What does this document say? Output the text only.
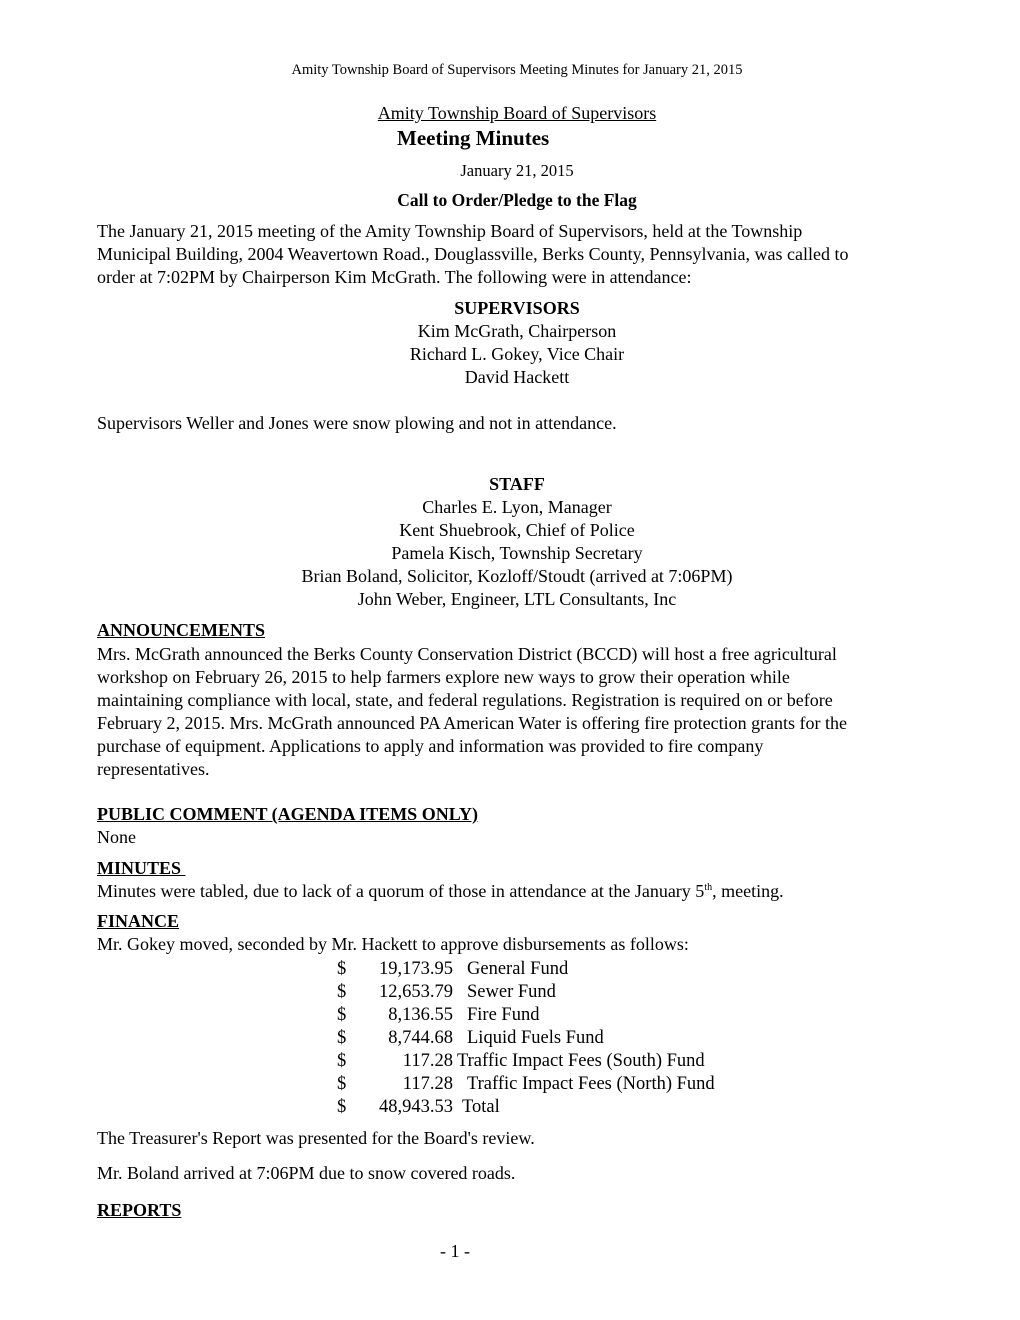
Amity Township Board of Supervisors Meeting Minutes for January 21, 2015
Amity Township Board of Supervisors
Meeting Minutes
January 21, 2015
Call to Order/Pledge to the Flag
The January 21, 2015 meeting of the Amity Township Board of Supervisors, held at the Township
Municipal Building, 2004 Weavertown Road., Douglassville, Berks County, Pennsylvania, was called to
order at 7:02PM by Chairperson Kim McGrath. The following were in attendance:
SUPERVISORS
Kim McGrath, Chairperson
Richard L. Gokey, Vice Chair
David Hackett
Supervisors Weller and Jones were snow plowing and not in attendance.
STAFF
Charles E. Lyon, Manager
Kent Shuebrook, Chief of Police
Pamela Kisch, Township Secretary
Brian Boland, Solicitor, Kozloff/Stoudt (arrived at 7:06PM)
John Weber, Engineer, LTL Consultants, Inc
ANNOUNCEMENTS
Mrs. McGrath announced the Berks County Conservation District (BCCD) will host a free agricultural
workshop on February 26, 2015 to help farmers explore new ways to grow their operation while
maintaining compliance with local, state, and federal regulations. Registration is required on or before
February 2, 2015. Mrs. McGrath announced PA American Water is offering fire protection grants for the
purchase of equipment. Applications to apply and information was provided to fire company
representatives.
PUBLIC COMMENT (AGENDA ITEMS ONLY)
None
MINUTES
Minutes were tabled, due to lack of a quorum of those in attendance at the January 5th, meeting.
FINANCE
Mr. Gokey moved, seconded by Mr. Hackett to approve disbursements as follows:
$	19,173.95 General Fund
$	12,653.79 Sewer Fund
$	8,136.55 Fire Fund
$	8,744.68 Liquid Fuels Fund
$	117.28 Traffic Impact Fees (South) Fund
$	117.28 Traffic Impact Fees (North) Fund
$	48,943.53 Total
The Treasurer's Report was presented for the Board's review.
Mr. Boland arrived at 7:06PM due to snow covered roads.
REPORTS
- 1 -
